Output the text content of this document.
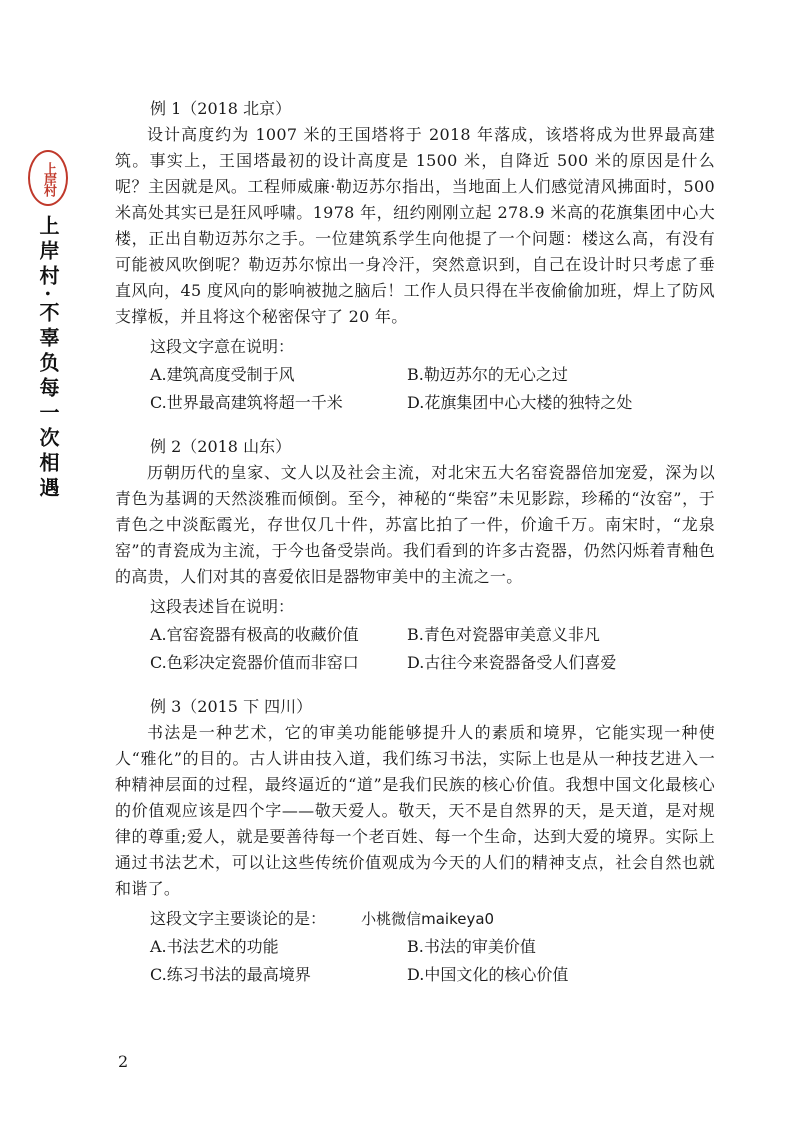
上岸村
上岸村·不辜负每一次相遇

例 1（2018 北京）

设计高度约为 1007 米的王国塔将于 2018 年落成，该塔将成为世界最高建筑。事实上，王国塔最初的设计高度是 1500 米，自降近 500 米的原因是什么呢？主因就是风。工程师威廉·勒迈苏尔指出，当地面上人们感觉清风拂面时，500 米高处其实已是狂风呼啸。1978 年，纽约刚刚立起 278.9 米高的花旗集团中心大楼，正出自勒迈苏尔之手。一位建筑系学生向他提了一个问题：楼这么高，有没有可能被风吹倒呢？勒迈苏尔惊出一身冷汗，突然意识到，自己在设计时只考虑了垂直风向，45 度风向的影响被抛之脑后！工作人员只得在半夜偷偷加班，焊上了防风支撑板，并且将这个秘密保守了 20 年。

这段文字意在说明：

A.建筑高度受制于风	B.勒迈苏尔的无心之过
C.世界最高建筑将超一千米	D.花旗集团中心大楼的独特之处

例 2（2018 山东）

历朝历代的皇家、文人以及社会主流，对北宋五大名窑瓷器倍加宠爱，深为以青色为基调的天然淡雅而倾倒。至今，神秘的“柴窑”未见影踪，珍稀的“汝窑”，于青色之中淡酝霞光，存世仅几十件，苏富比拍了一件，价逾千万。南宋时，“龙泉窑”的青瓷成为主流，于今也备受崇尚。我们看到的许多古瓷器，仍然闪烁着青釉色的高贵，人们对其的喜爱依旧是器物审美中的主流之一。

这段表述旨在说明：

A.官窑瓷器有极高的收藏价值	B.青色对瓷器审美意义非凡
C.色彩决定瓷器价值而非窑口	D.古往今来瓷器备受人们喜爱

例 3（2015 下 四川）

书法是一种艺术，它的审美功能能够提升人的素质和境界，它能实现一种使人“雅化”的目的。古人讲由技入道，我们练习书法，实际上也是从一种技艺进入一种精神层面的过程，最终逼近的“道”是我们民族的核心价值。我想中国文化最核心的价值观应该是四个字——敬天爱人。敬天，天不是自然界的天，是天道，是对规律的尊重;爱人，就是要善待每一个老百姓、每一个生命，达到大爱的境界。实际上通过书法艺术，可以让这些传统价值观成为今天的人们的精神支点，社会自然也就和谐了。

这段文字主要谈论的是： 小桃微信maikeya0

A.书法艺术的功能	B.书法的审美价值
C.练习书法的最高境界	D.中国文化的核心价值
2
